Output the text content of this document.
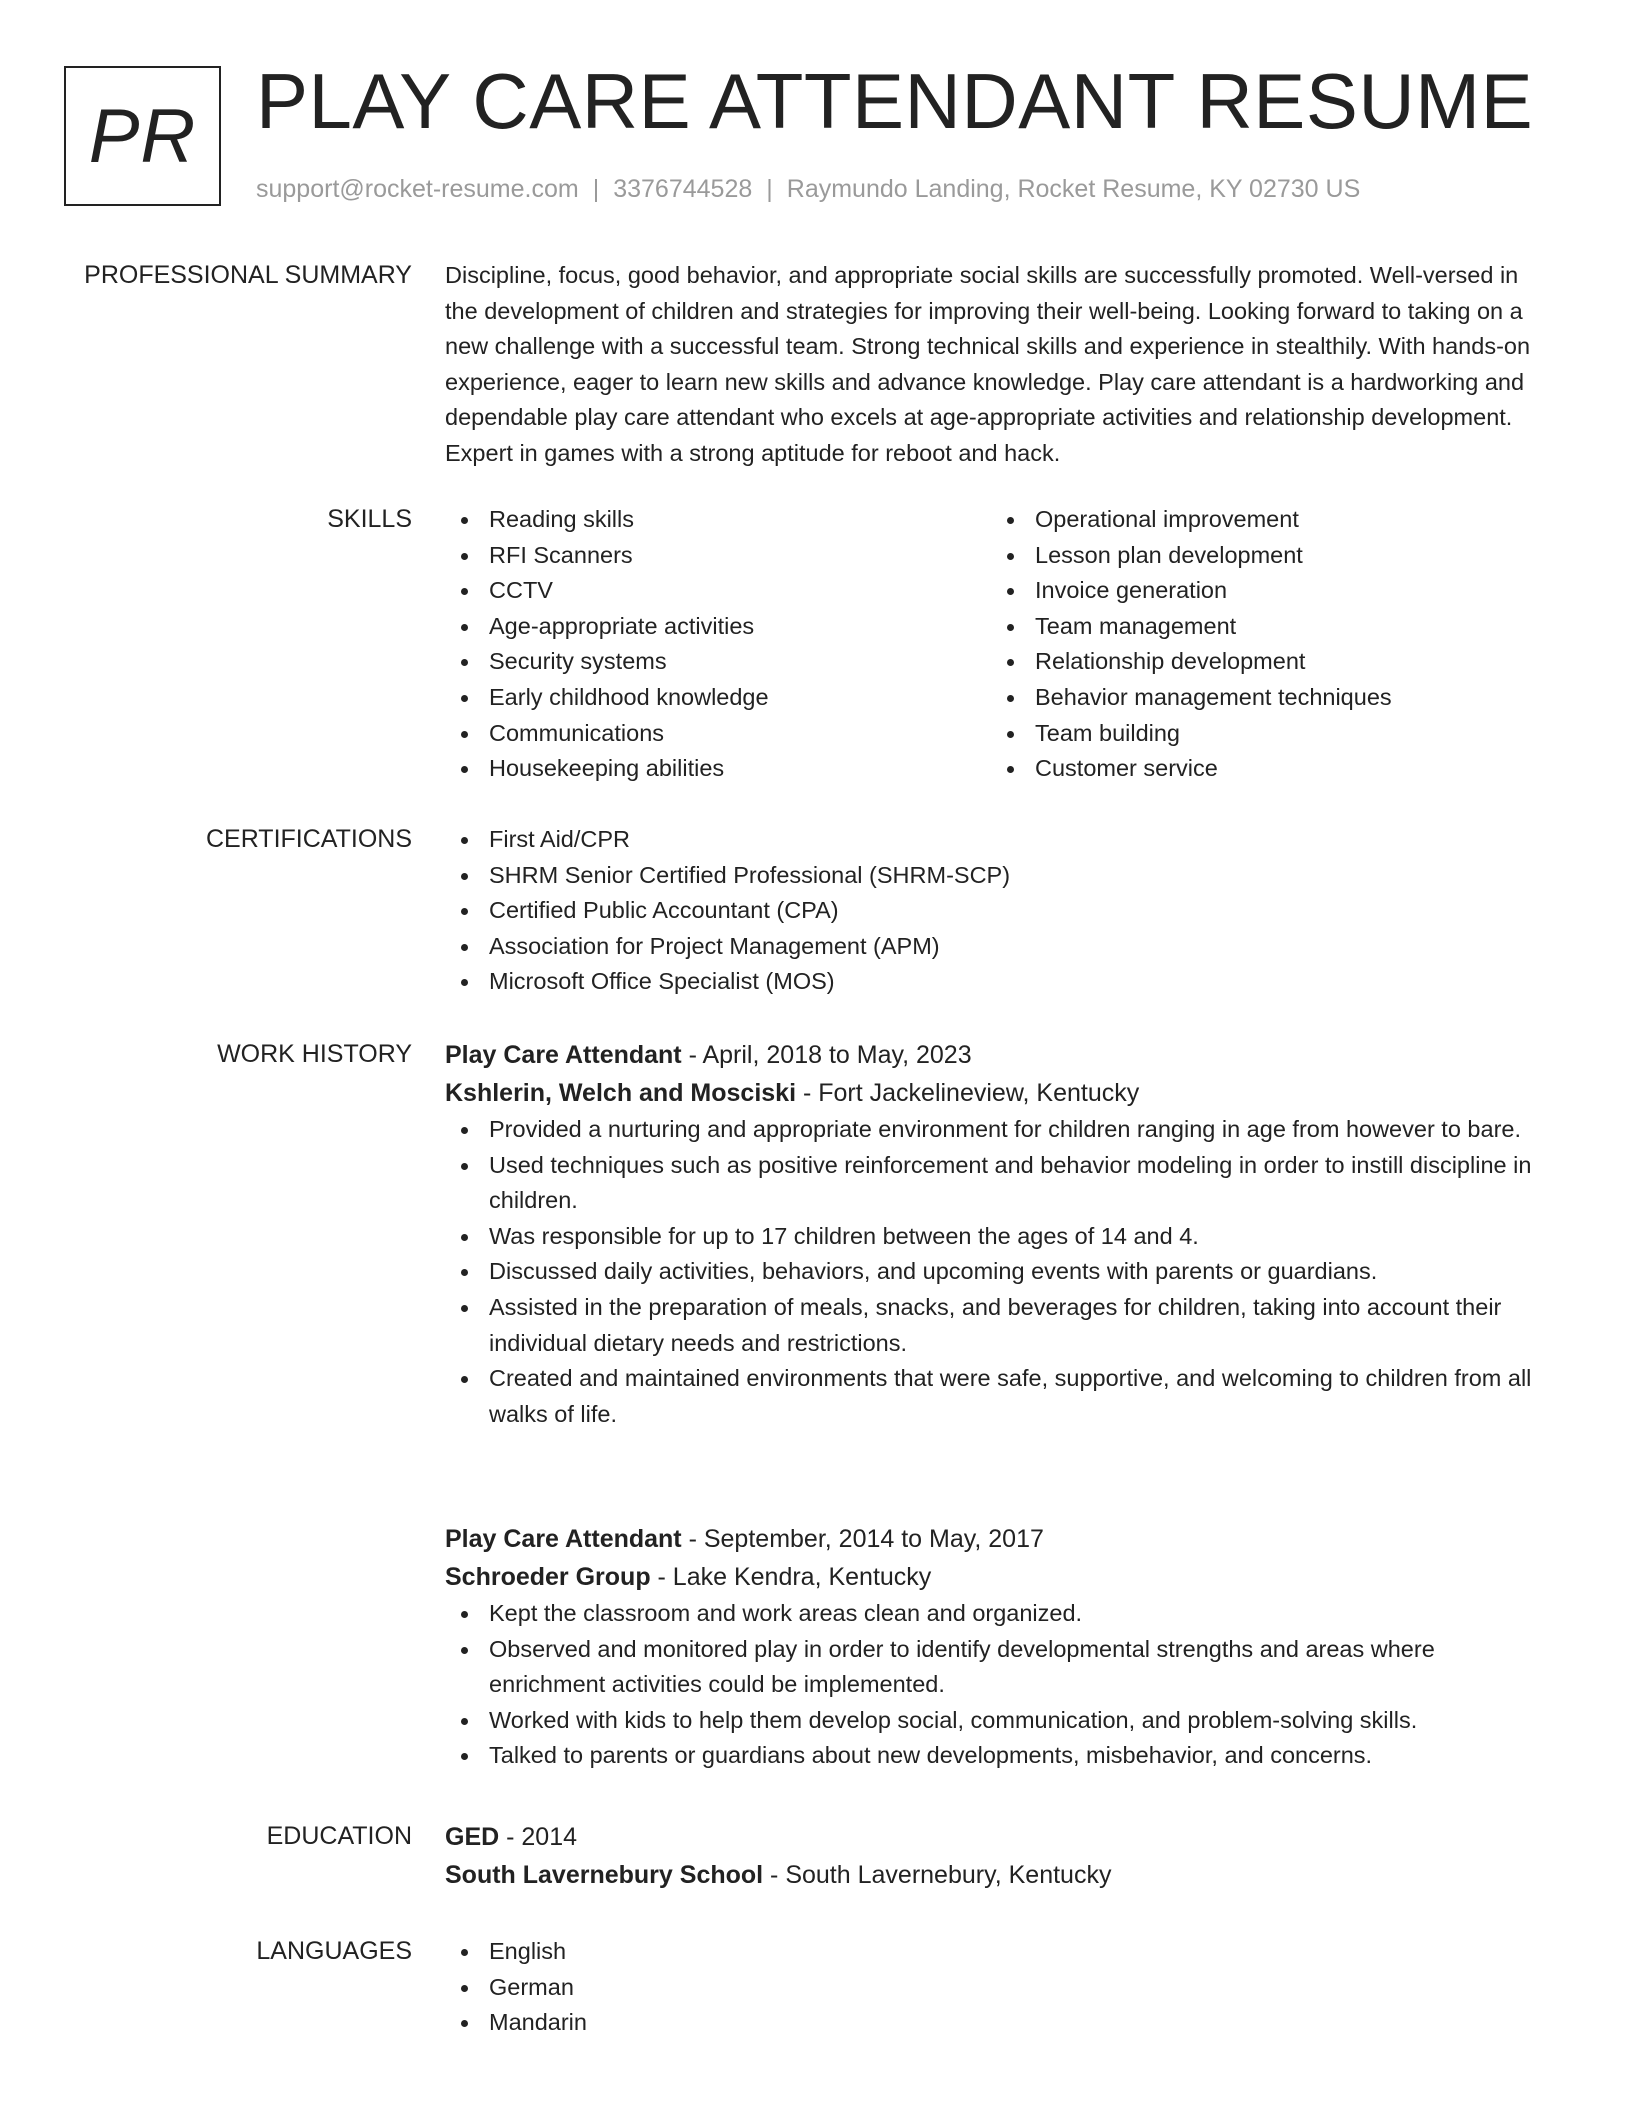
PR PLAY CARE ATTENDANT RESUME
support@rocket-resume.com | 3376744528 | Raymundo Landing, Rocket Resume, KY 02730 US
PROFESSIONAL SUMMARY Discipline, focus, good behavior, and appropriate social skills are successfully promoted. Well-versed in the development of children and strategies for improving their well-being. Looking forward to taking on a new challenge with a successful team. Strong technical skills and experience in stealthily. With hands-on experience, eager to learn new skills and advance knowledge. Play care attendant is a hardworking and dependable play care attendant who excels at age-appropriate activities and relationship development. Expert in games with a strong aptitude for reboot and hack.

SKILLS	Reading skills
RFI Scanners
CCTV
Age-appropriate activities
Security systems
Early childhood knowledge
Communications
Housekeeping abilities
Operational improvement
Lesson plan development
Invoice generation
Team management
Relationship development
Behavior management techniques
Team building
Customer service
CERTIFICATIONS	First Aid/CPR
SHRM Senior Certified Professional (SHRM-SCP)
Certified Public Accountant (CPA)
Association for Project Management (APM)
Microsoft Office Specialist (MOS)
WORK HISTORY Play Care Attendant - April, 2018 to May, 2023
Kshlerin, Welch and Mosciski - Fort Jackelineview, Kentucky
Provided a nurturing and appropriate environment for children ranging in age from however to bare.
Used techniques such as positive reinforcement and behavior modeling in order to instill discipline in children.
Was responsible for up to 17 children between the ages of 14 and 4.
Discussed daily activities, behaviors, and upcoming events with parents or guardians.
Assisted in the preparation of meals, snacks, and beverages for children, taking into account their individual dietary needs and restrictions.
Created and maintained environments that were safe, supportive, and welcoming to children from all walks of life.
Play Care Attendant - September, 2014 to May, 2017
Schroeder Group - Lake Kendra, Kentucky
Kept the classroom and work areas clean and organized.
Observed and monitored play in order to identify developmental strengths and areas where enrichment activities could be implemented.
Worked with kids to help them develop social, communication, and problem-solving skills.
Talked to parents or guardians about new developments, misbehavior, and concerns.
EDUCATION GED - 2014
South Lavernebury School - South Lavernebury, Kentucky
LANGUAGES	English
German
Mandarin
